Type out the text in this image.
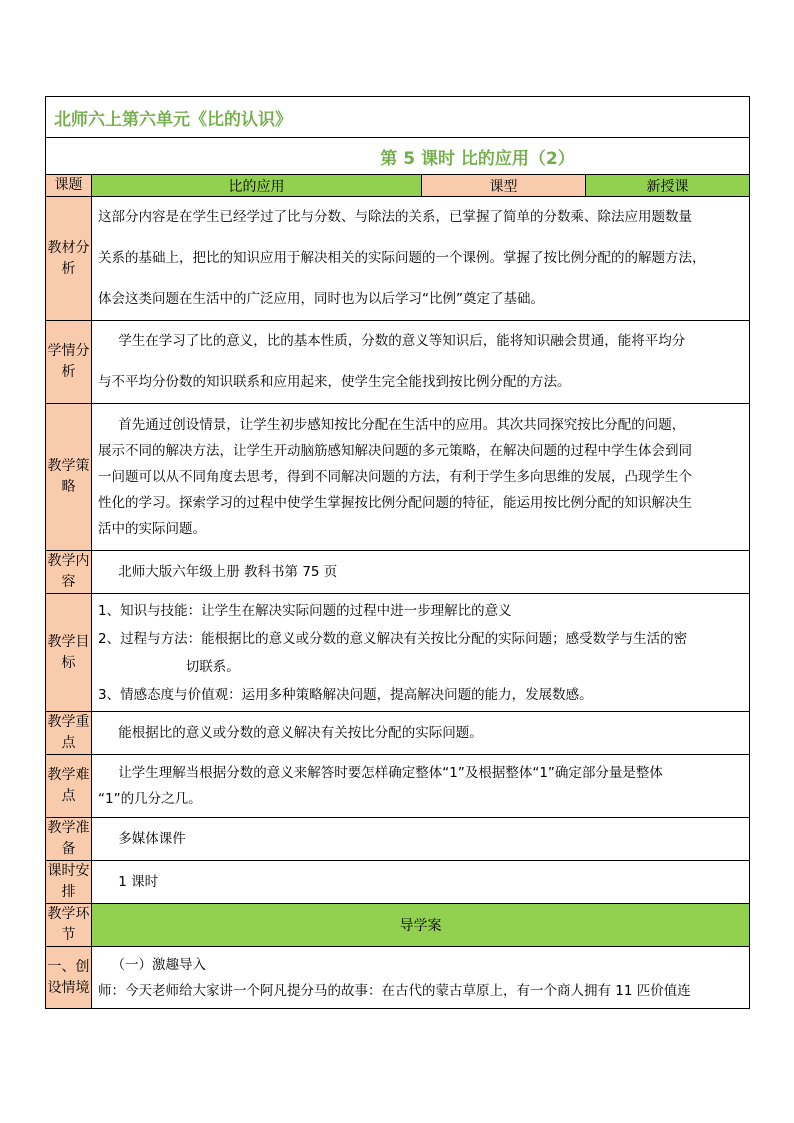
北师六上第六单元《比的认识》			
第 5 课时 比的应用（2）			
课题	比的应用	课型	新授课
教材分析	这部分内容是在学生已经学过了比与分数、与除法的关系，已掌握了简单的分数乘、除法应用题数量

关系的基础上，把比的知识应用于解决相关的实际问题的一个课例。掌握了按比例分配的的解题方法，

体会这类问题在生活中的广泛应用，同时也为以后学习“比例”奠定了基础。		

学情分析	学生在学习了比的意义，比的基本性质，分数的意义等知识后，能将知识融会贯通，能将平均分

与不平均分份数的知识联系和应用起来，使学生完全能找到按比例分配的方法。		

教学策略	首先通过创设情景，让学生初步感知按比分配在生活中的应用。其次共同探究按比分配的问题，

展示不同的解决方法，让学生开动脑筋感知解决问题的多元策略，在解决问题的过程中学生体会到同

一问题可以从不同角度去思考，得到不同解决问题的方法，有利于学生多向思维的发展，凸现学生个

性化的学习。探索学习的过程中使学生掌握按比例分配问题的特征，能运用按比例分配的知识解决生

活中的实际问题。		

教学内容	北师大版六年级上册 教科书第 75 页		

教学目标	1、知识与技能：让学生在解决实际问题的过程中进一步理解比的意义

2、过程与方法：能根据比的意义或分数的意义解决有关按比分配的实际问题；感受数学与生活的密

切联系。

3、情感态度与价值观：运用多种策略解决问题，提高解决问题的能力，发展数感。		

教学重点	能根据比的意义或分数的意义解决有关按比分配的实际问题。		

教学难点	让学生理解当根据分数的意义来解答时要怎样确定整体“1”及根据整体“1”确定部分量是整体

“1”的几分之几。		

教学准备	多媒体课件		

课时安排	1 课时		

教学环节	导学案		
一、创设情境	（一）激趣导入

师：今天老师给大家讲一个阿凡提分马的故事：在古代的蒙古草原上，有一个商人拥有 11 匹价值连		
